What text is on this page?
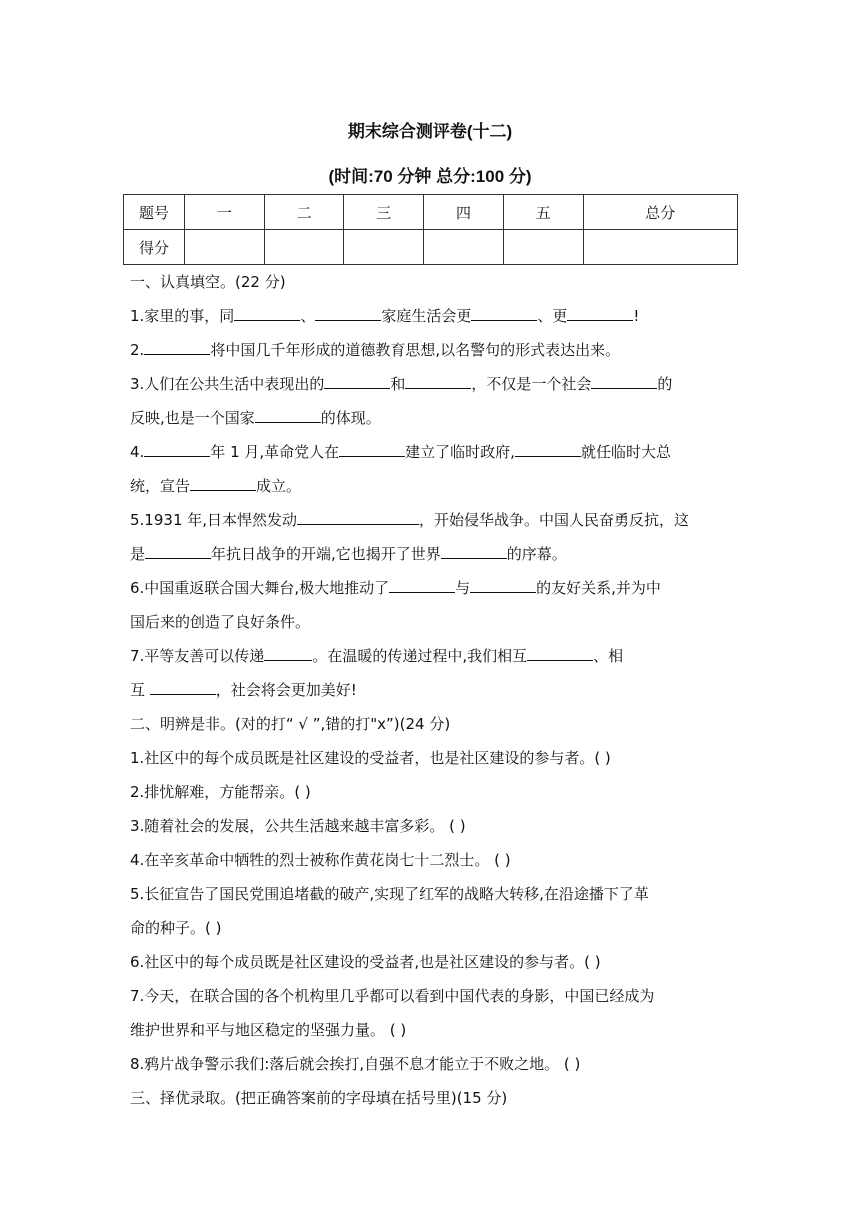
期末综合测评卷(十二)
(时间:70 分钟 总分:100 分)
题号	一	二	三	四	五	总分
得分						
一、认真填空。(22 分)
1.家里的事，同	、	家庭生活会更	、更	!
2.	将中国几千年形成的道德教育思想,以名警句的形式表达出来。
3.人们在公共生活中表现出的	和	，不仅是一个社会	的
反映,也是一个国家	的体现。
4.	年 1 月,革命党人在	建立了临时政府,	就任临时大总
统，宣告	成立。
5.1931 年,日本悍然发动	，开始侵华战争。中国人民奋勇反抗，这
是	年抗日战争的开端,它也揭开了世界	的序幕。
6.中国重返联合国大舞台,极大地推动了	与	的友好关系,并为中
国后来的创造了良好条件。
7.平等友善可以传递	。在温暖的传递过程中,我们相互	、相
互	，社会将会更加美好!
二、明辨是非。(对的打“ √ ”,错的打"x”)(24 分)
1.社区中的每个成员既是社区建设的受益者，也是社区建设的参与者。( )
2.排忧解难，方能帮亲。( )
3.随着社会的发展，公共生活越来越丰富多彩。 ( )
4.在辛亥革命中牺牲的烈士被称作黄花岗七十二烈士。 ( )
5.长征宣告了国民党围追堵截的破产,实现了红军的战略大转移,在沿途播下了革
命的种子。( )
6.社区中的每个成员既是社区建设的受益者,也是社区建设的参与者。( )
7.今天，在联合国的各个机构里几乎都可以看到中国代表的身影，中国已经成为
维护世界和平与地区稳定的坚强力量。 ( )
8.鸦片战争警示我们:落后就会挨打,自强不息才能立于不败之地。 ( )
三、择优录取。(把正确答案前的字母填在括号里)(15 分)
